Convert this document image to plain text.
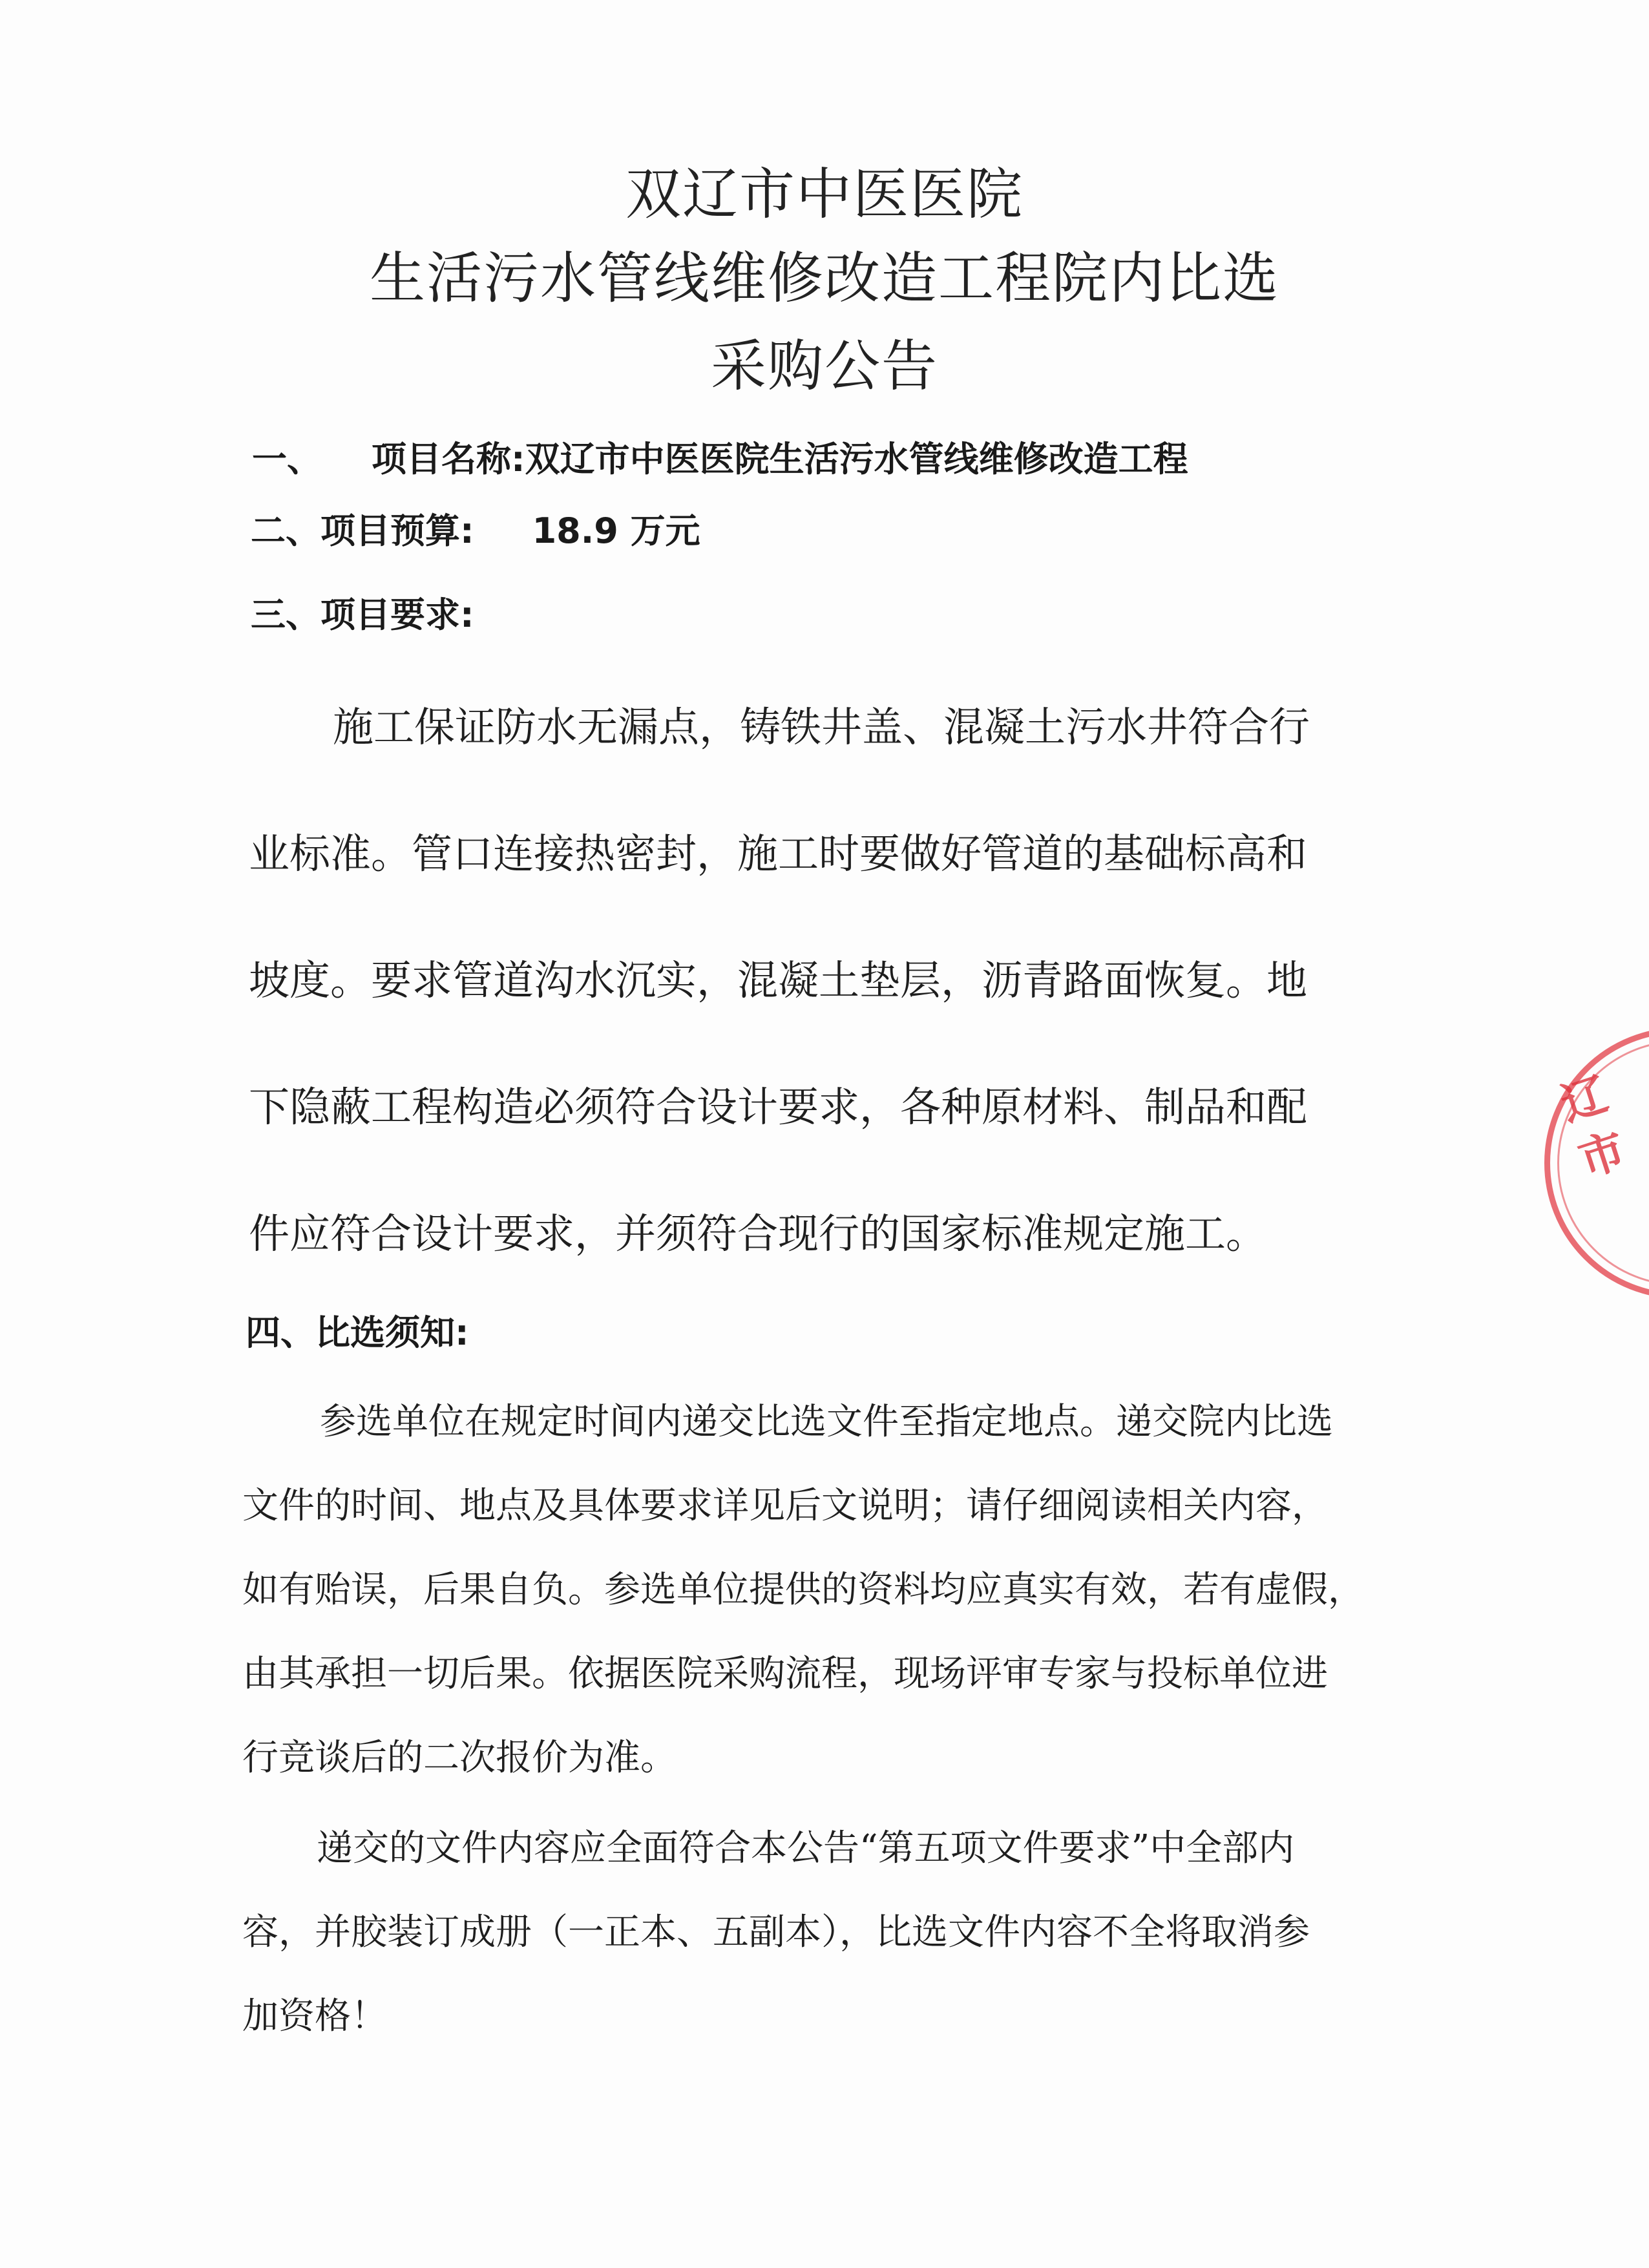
双辽市中医医院
生活污水管线维修改造工程院内比选
采购公告
一、 项目名称:双辽市中医医院生活污水管线维修改造工程
二、项目预算: 18.9 万元
三、项目要求:
施工保证防水无漏点，铸铁井盖、混凝土污水井符合行
业标准。管口连接热密封，施工时要做好管道的基础标高和
坡度。要求管道沟水沉实，混凝土垫层，沥青路面恢复。地
下隐蔽工程构造必须符合设计要求，各种原材料、制品和配
件应符合设计要求，并须符合现行的国家标准规定施工。
四、比选须知:
参选单位在规定时间内递交比选文件至指定地点。递交院内比选
文件的时间、地点及具体要求详见后文说明；请仔细阅读相关内容，
如有贻误，后果自负。参选单位提供的资料均应真实有效，若有虚假，
由其承担一切后果。依据医院采购流程，现场评审专家与投标单位进
行竞谈后的二次报价为准。
递交的文件内容应全面符合本公告“第五项文件要求”中全部内
容，并胶装订成册（一正本、五副本），比选文件内容不全将取消参
加资格！
辽市
